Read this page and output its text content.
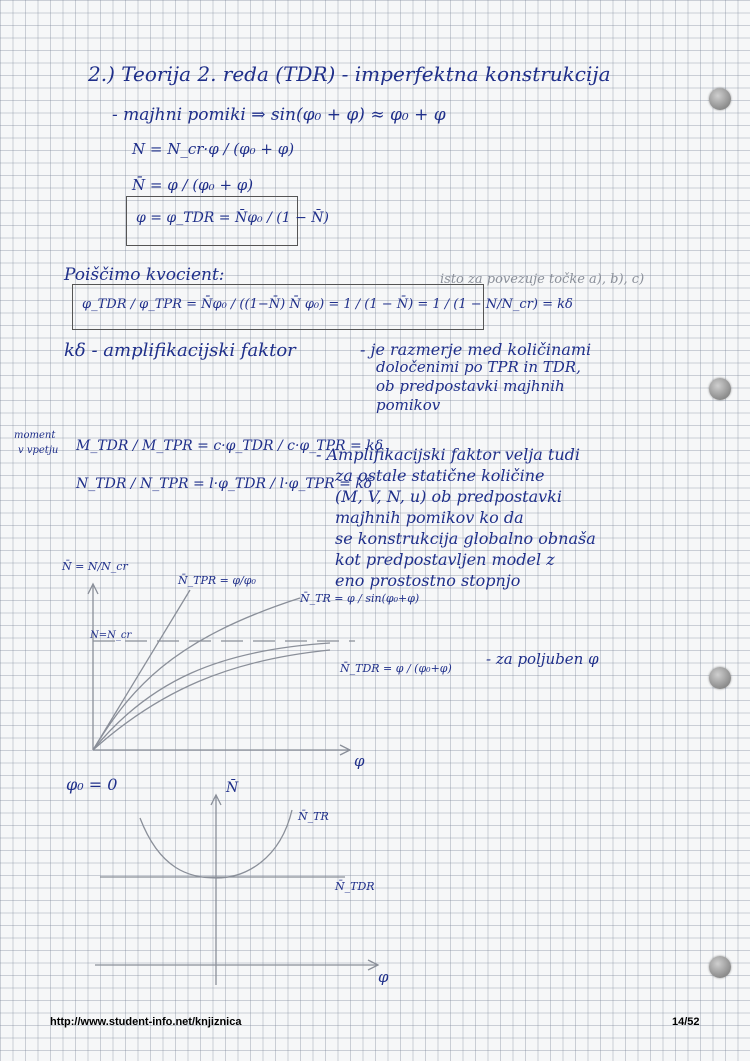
2.) Teorija 2. reda (TDR) - imperfektna konstrukcija
- majhni pomiki ⇒ sin(φ₀ + φ) ≈ φ₀ + φ
N = N_cr·φ / (φ₀ + φ)
N̄ = φ / (φ₀ + φ)
φ = φ_TDR = N̄φ₀ / (1 − N̄)
Poiščimo kvocient:	isto za povezuje točke a), b), c)
φ_TDR / φ_TPR = N̄φ₀ / ((1−N̄) N̄ φ₀) = 1 / (1 − N̄) = 1 / (1 − N/N_cr) = kδ
kδ - amplifikacijski faktor	- je razmerje med količinami
določenimi po TPR in TDR,
ob predpostavki majhnih
pomikov
moment
v vpetju M_TDR / M_TPR = c·φ_TDR / c·φ_TPR = kδ
N_TDR / N_TPR = l·φ_TDR / l·φ_TPR = kδ
- Amplifikacijski faktor velja tudi
za ostale statične količine
(M, V, N, u) ob predpostavki
majhnih pomikov ko da
se konstrukcija globalno obnaša
kot predpostavljen model z
eno prostostno stopnjo
N̄ = N/N_cr
N=N_cr
N̄_TPR = φ/φ₀
N̄_TR = φ / sin(φ₀+φ)
N̄_TDR = φ / (φ₀+φ)
- za poljuben φ
φ
φ₀ = 0	N̄
N̄_TR
N̄_TDR
φ
http://www.student-info.net/knjiznica	14/52
